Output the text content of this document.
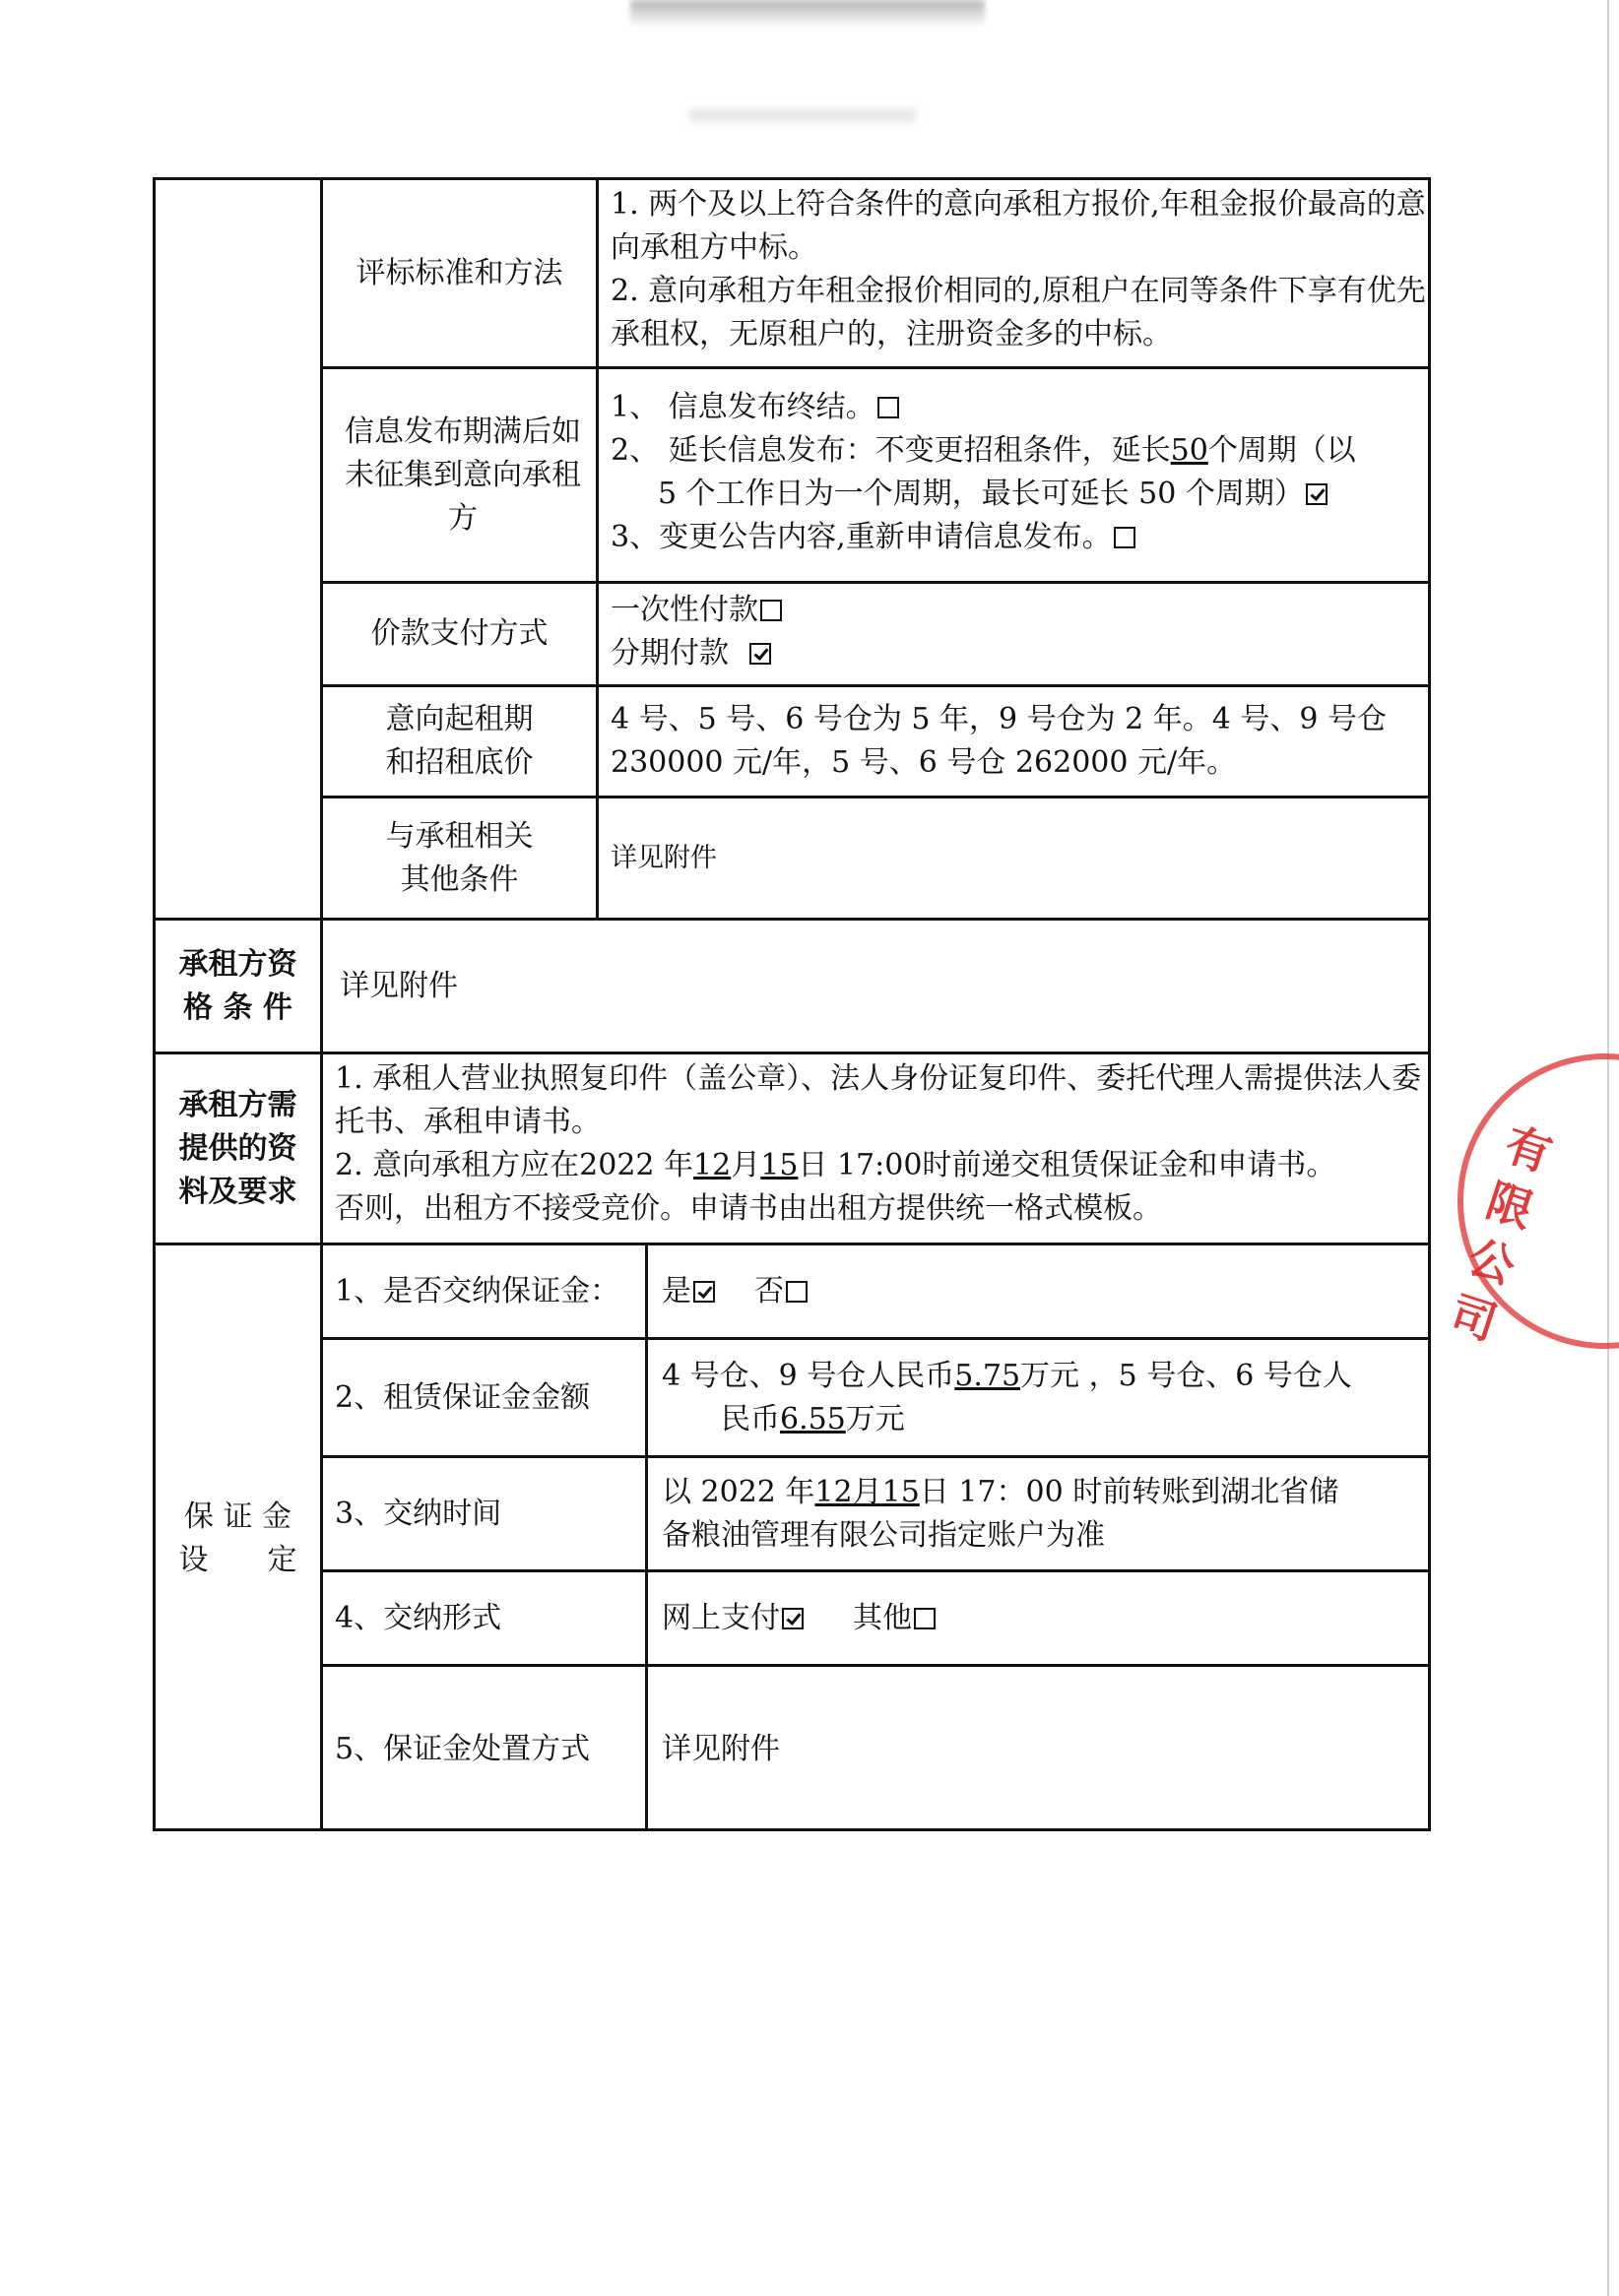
评标标准和方法

1. 两个及以上符合条件的意向承租方报价,年租金报价最高的意向承租方中标。

2. 意向承租方年租金报价相同的,原租户在同等条件下享有优先承租权，无原租户的，注册资金多的中标。

信息发布期满后如未征集到意向承租方

1、 信息发布终结。

2、 延长信息发布：不变更招租条件，延长50个周期（以

5 个工作日为一个周期，最长可延长 50 个周期）

3、变更公告内容,重新申请信息发布。

价款支付方式

一次性付款

分期付款

意向起租期
和招租底价

4 号、5 号、6 号仓为 5 年，9 号仓为 2 年。4 号、9 号仓

230000 元/年，5 号、6 号仓 262000 元/年。

与承租相关
其他条件
详见附件
承租方资
格 条 件
详见附件
承租方需
提供的资
料及要求

1. 承租人营业执照复印件（盖公章）、法人身份证复印件、委托代理人需提供法人委托书、承租申请书。

2. 意向承租方应在2022 年12月15日 17:00时前递交租赁保证金和申请书。

否则，出租方不接受竞价。申请书由出租方提供统一格式模板。

保 证 金
设　　定
1、是否交纳保证金： 是 否
2、租赁保证金金额

4 号仓、9 号仓人民币5.75万元 ，5 号仓、6 号仓人

民币6.55万元

3、交纳时间

以 2022 年12月15日 17：00 时前转账到湖北省储

备粮油管理有限公司指定账户为准

4、交纳形式	网上支付 其他
5、保证金处置方式 详见附件
有限公司
